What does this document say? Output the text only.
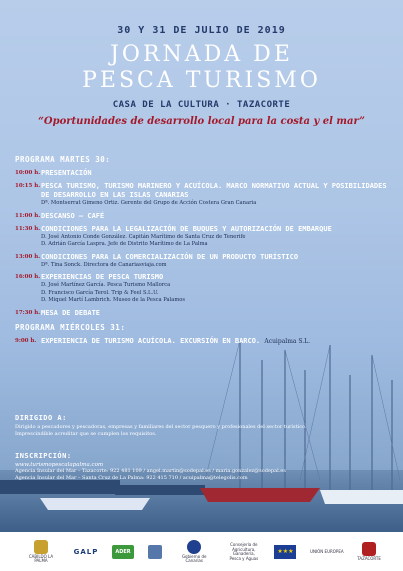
30 Y 31 DE JULIO DE 2019
JORNADA DE
PESCA TURISMO
CASA DE LA CULTURA · TAZACORTE
“Oportunidades de desarrollo local para la costa y el mar”
PROGRAMA MARTES 30:
10:00 h. PRESENTACIÓN
10:15 h. PESCA TURISMO, TURISMO MARINERO Y ACUÍCOLA. MARCO NORMATIVO ACTUAL Y POSIBILIDADES DE DESARROLLO EN LAS ISLAS CANARIAS
Dª. Montserrat Gimeno Ortiz. Gerente del Grupo de Acción Costera Gran Canaria
11:00 h. DESCANSO — CAFÉ
11:30 h. CONDICIONES PARA LA LEGALIZACIÓN DE BUQUES Y AUTORIZACIÓN DE EMBARQUE
D. José Antonio Conde González. Capitán Marítimo de Santa Cruz de Tenerife
D. Adrián García Laspra. Jefe de Distrito Marítimo de La Palma
13:00 h. CONDICIONES PARA LA COMERCIALIZACIÓN DE UN PRODUCTO TURÍSTICO
Dª. Tina Sonck. Directora de Canariasviaja.com
16:00 h. EXPERIENCIAS DE PESCA TURISMO
D. José Martínez García. Pesca Turismo Mallorca
D. Francisco García Terol. Trip & Feel S.L.U.
D. Miquel Martí Lambrich. Museo de la Pesca Palamos
17:30 h. MESA DE DEBATE
PROGRAMA MIÉRCOLES 31:
9:00 h. EXPERIENCIA DE TURISMO ACUÍCOLA. EXCURSIÓN EN BARCO. Acuipalma S.L.
DIRIGIDO A:
Dirigido a pescadores y pescadoras, empresas y familiares del sector pesquero y profesionales del sector turístico. Imprescindible acreditar que se cumplen los requisitos.
INSCRIPCIÓN:
www.turismopescalapalma.com
Agencia Insular del Mar – Tazacorte: 922 481 109 / angel.martin@sodepal.es / maria.gonzalez@sodepal.es
Agencia Insular del Mar – Santa Cruz de La Palma: 922 415 710 / acuipalma@telegolis.com
CABILDO LA PALMA
GALP	ADER
Gobierno de Canarias
Consejería de Agricultura, Ganadería, Pesca y Aguas
★★★	UNIÓN EUROPEA
TAZACORTE
